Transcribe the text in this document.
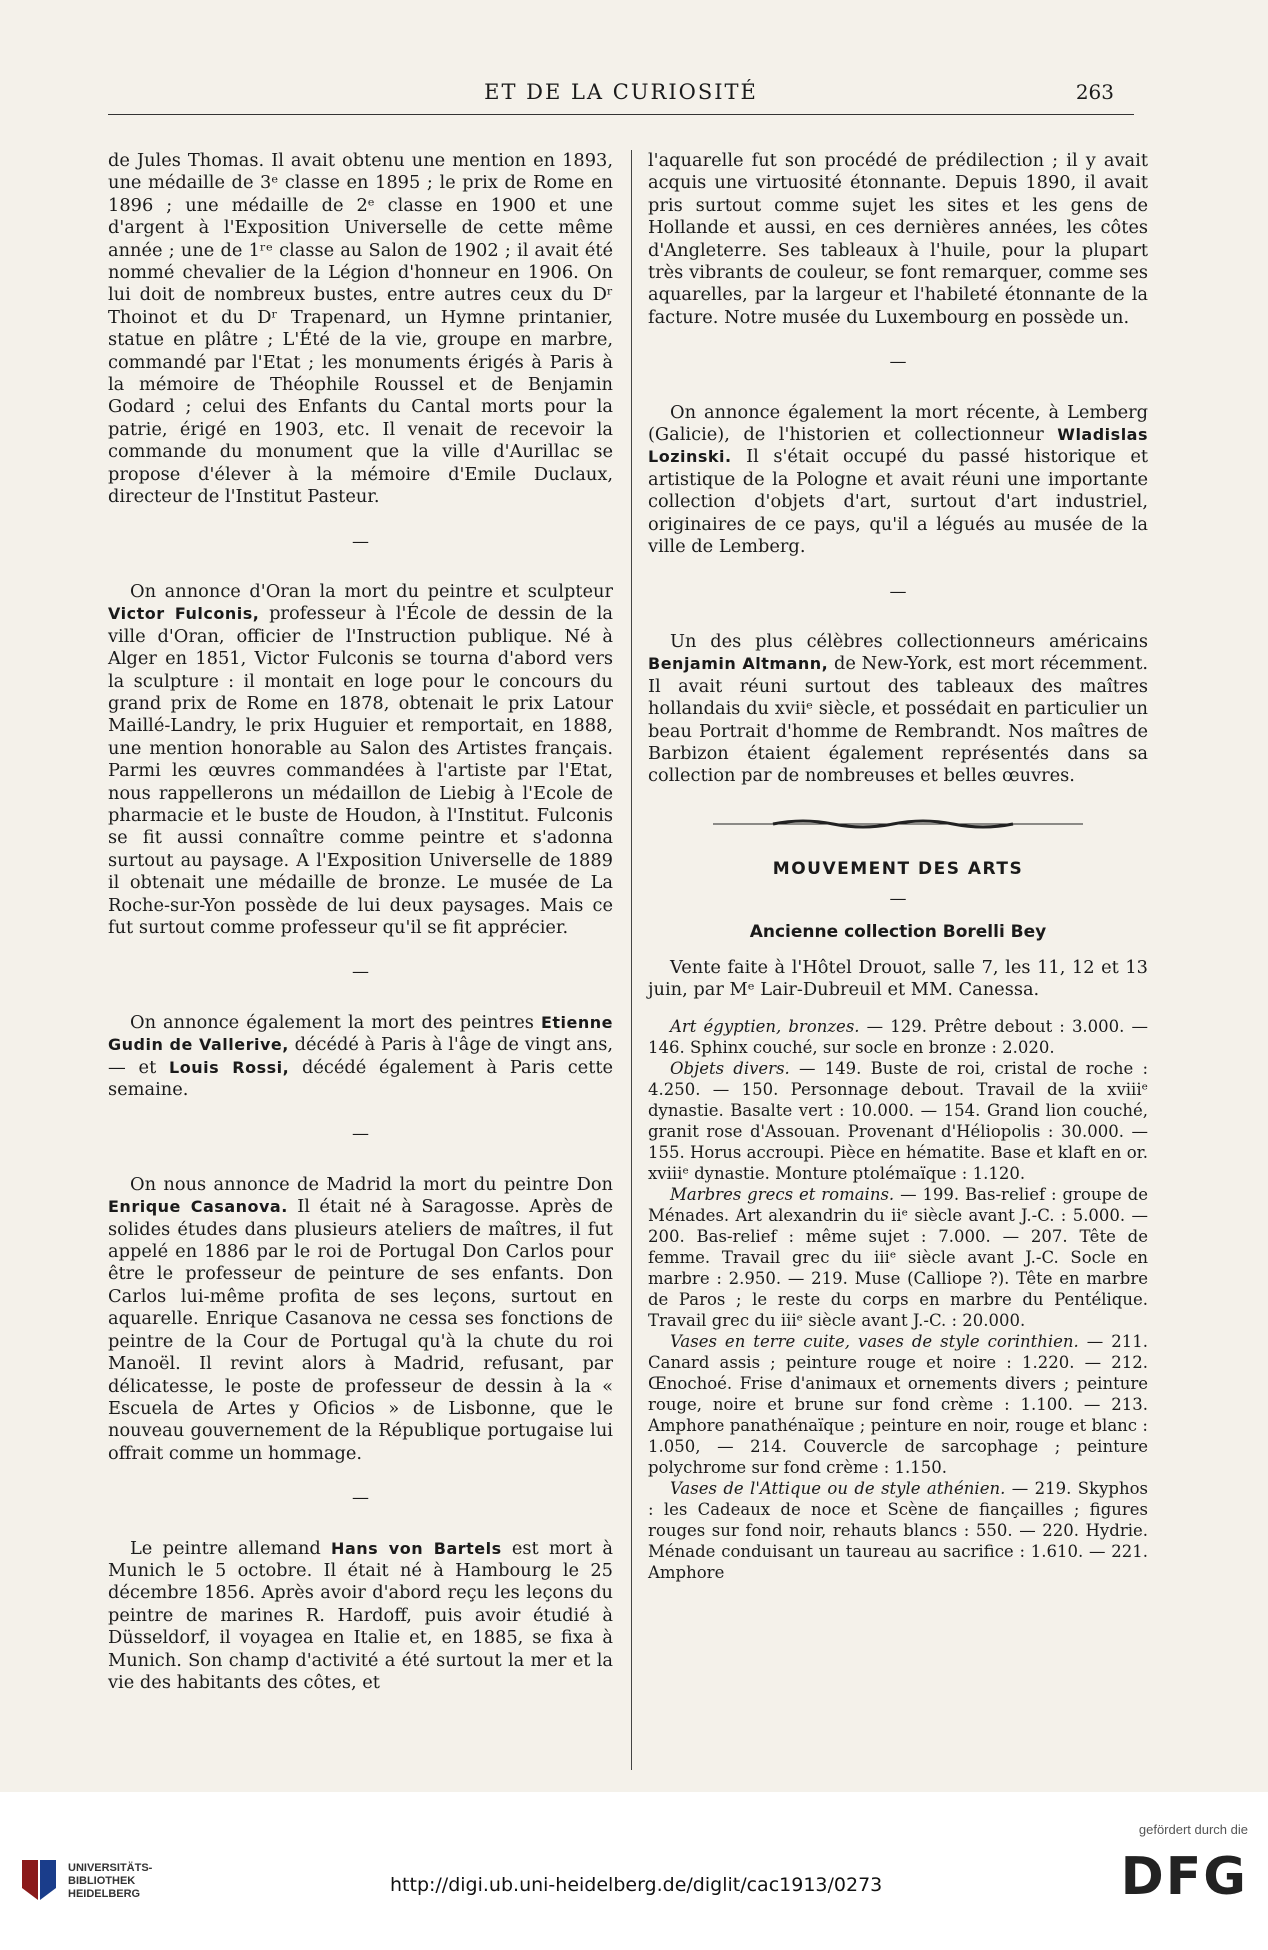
ET DE LA CURIOSITÉ	263

de Jules Thomas. Il avait obtenu une mention en 1893, une médaille de 3ᵉ classe en 1895 ; le prix de Rome en 1896 ; une médaille de 2ᵉ classe en 1900 et une d'argent à l'Exposition Universelle de cette même année ; une de 1ʳᵉ classe au Salon de 1902 ; il avait été nommé chevalier de la Légion d'honneur en 1906. On lui doit de nombreux bustes, entre autres ceux du Dʳ Thoinot et du Dʳ Trapenard, un Hymne printanier, statue en plâtre ; L'Été de la vie, groupe en marbre, commandé par l'Etat ; les monuments érigés à Paris à la mémoire de Théophile Roussel et de Benjamin Godard ; celui des Enfants du Cantal morts pour la patrie, érigé en 1903, etc. Il venait de recevoir la commande du monument que la ville d'Aurillac se propose d'élever à la mémoire d'Emile Duclaux, directeur de l'Institut Pasteur.

—

On annonce d'Oran la mort du peintre et sculpteur Victor Fulconis, professeur à l'École de dessin de la ville d'Oran, officier de l'Instruction publique. Né à Alger en 1851, Victor Fulconis se tourna d'abord vers la sculpture : il montait en loge pour le concours du grand prix de Rome en 1878, obtenait le prix Latour Maillé-Landry, le prix Huguier et remportait, en 1888, une mention honorable au Salon des Artistes français. Parmi les œuvres commandées à l'artiste par l'Etat, nous rappellerons un médaillon de Liebig à l'Ecole de pharmacie et le buste de Houdon, à l'Institut. Fulconis se fit aussi connaître comme peintre et s'adonna surtout au paysage. A l'Exposition Universelle de 1889 il obtenait une médaille de bronze. Le musée de La Roche-sur-Yon possède de lui deux paysages. Mais ce fut surtout comme professeur qu'il se fit apprécier.

—

On annonce également la mort des peintres Etienne Gudin de Vallerive, décédé à Paris à l'âge de vingt ans, — et Louis Rossi, décédé également à Paris cette semaine.

—

On nous annonce de Madrid la mort du peintre Don Enrique Casanova. Il était né à Saragosse. Après de solides études dans plusieurs ateliers de maîtres, il fut appelé en 1886 par le roi de Portugal Don Carlos pour être le professeur de peinture de ses enfants. Don Carlos lui-même profita de ses leçons, surtout en aquarelle. Enrique Casanova ne cessa ses fonctions de peintre de la Cour de Portugal qu'à la chute du roi Manoël. Il revint alors à Madrid, refusant, par délicatesse, le poste de professeur de dessin à la « Escuela de Artes y Oficios » de Lisbonne, que le nouveau gouvernement de la République portugaise lui offrait comme un hommage.

—

Le peintre allemand Hans von Bartels est mort à Munich le 5 octobre. Il était né à Hambourg le 25 décembre 1856. Après avoir d'abord reçu les leçons du peintre de marines R. Hardoff, puis avoir étudié à Düsseldorf, il voyagea en Italie et, en 1885, se fixa à Munich. Son champ d'activité a été surtout la mer et la vie des habitants des côtes, et

l'aquarelle fut son procédé de prédilection ; il y avait acquis une virtuosité étonnante. Depuis 1890, il avait pris surtout comme sujet les sites et les gens de Hollande et aussi, en ces dernières années, les côtes d'Angleterre. Ses tableaux à l'huile, pour la plupart très vibrants de couleur, se font remarquer, comme ses aquarelles, par la largeur et l'habileté étonnante de la facture. Notre musée du Luxembourg en possède un.

—

On annonce également la mort récente, à Lemberg (Galicie), de l'historien et collectionneur Wladislas Lozinski. Il s'était occupé du passé historique et artistique de la Pologne et avait réuni une importante collection d'objets d'art, surtout d'art industriel, originaires de ce pays, qu'il a légués au musée de la ville de Lemberg.

—

Un des plus célèbres collectionneurs américains Benjamin Altmann, de New-York, est mort récemment. Il avait réuni surtout des tableaux des maîtres hollandais du xviiᵉ siècle, et possédait en particulier un beau Portrait d'homme de Rembrandt. Nos maîtres de Barbizon étaient également représentés dans sa collection par de nombreuses et belles œuvres.

MOUVEMENT DES ARTS
—
Ancienne collection Borelli Bey

Vente faite à l'Hôtel Drouot, salle 7, les 11, 12 et 13 juin, par Mᵉ Lair-Dubreuil et MM. Canessa.

Art égyptien, bronzes. — 129. Prêtre debout : 3.000. — 146. Sphinx couché, sur socle en bronze : 2.020.

Objets divers. — 149. Buste de roi, cristal de roche : 4.250. — 150. Personnage debout. Travail de la xviiiᵉ dynastie. Basalte vert : 10.000. — 154. Grand lion couché, granit rose d'Assouan. Provenant d'Héliopolis : 30.000. — 155. Horus accroupi. Pièce en hématite. Base et klaft en or. xviiiᵉ dynastie. Monture ptolémaïque : 1.120.

Marbres grecs et romains. — 199. Bas-relief : groupe de Ménades. Art alexandrin du iiᵉ siècle avant J.-C. : 5.000. — 200. Bas-relief : même sujet : 7.000. — 207. Tête de femme. Travail grec du iiiᵉ siècle avant J.-C. Socle en marbre : 2.950. — 219. Muse (Calliope ?). Tête en marbre de Paros ; le reste du corps en marbre du Pentélique. Travail grec du iiiᵉ siècle avant J.-C. : 20.000.

Vases en terre cuite, vases de style corinthien. — 211. Canard assis ; peinture rouge et noire : 1.220. — 212. Œnochoé. Frise d'animaux et ornements divers ; peinture rouge, noire et brune sur fond crème : 1.100. — 213. Amphore panathénaïque ; peinture en noir, rouge et blanc : 1.050, — 214. Couvercle de sarcophage ; peinture polychrome sur fond crème : 1.150.

Vases de l'Attique ou de style athénien. — 219. Skyphos : les Cadeaux de noce et Scène de fiançailles ; figures rouges sur fond noir, rehauts blancs : 550. — 220. Hydrie. Ménade conduisant un taureau au sacrifice : 1.610. — 221. Amphore

UNIVERSITÄTS-
BIBLIOTHEK
HEIDELBERG	http://digi.ub.uni-heidelberg.de/diglit/cac1913/0273
gefördert durch die
DFG
